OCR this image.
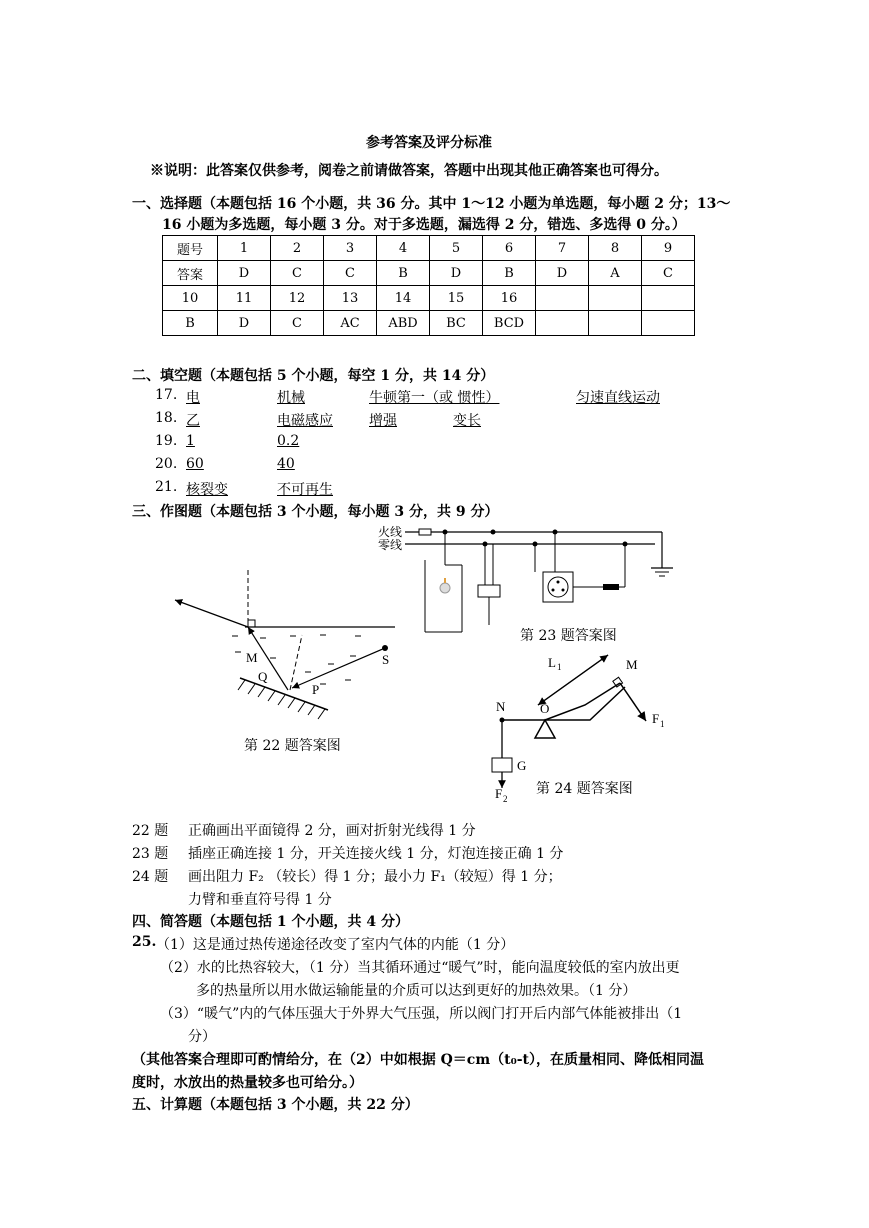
参考答案及评分标准
※说明：此答案仅供参考，阅卷之前请做答案，答题中出现其他正确答案也可得分。
一、选择题（本题包括 16 个小题，共 36 分。其中 1～12 小题为单选题，每小题 2 分；13～
16 小题为多选题，每小题 3 分。对于多选题，漏选得 2 分，错选、多选得 0 分。）
题号	1	2	3	4	5	6	7	8	9
答案	D	C	C	B	D	B	D	A	C
10	11	12	13	14	15	16			
B	D	C	AC	ABD	BC	BCD			
二、填空题（本题包括 5 个小题，每空 1 分，共 14 分）
17. 电	机械	牛顿第一（或 惯性）	匀速直线运动
18. 乙	电磁感应	增强	变长
19. 1	0.2
20. 60	40
21. 核裂变	不可再生
三、作图题（本题包括 3 个小题，每小题 3 分，共 9 分）
M
Q
P
S
第 22 题答案图
火线
零线
第 23 题答案图
L 1	M
N	O
F 1
G
F 2
第 24 题答案图
22 题 正确画出平面镜得 2 分，画对折射光线得 1 分
23 题 插座正确连接 1 分，开关连接火线 1 分，灯泡连接正确 1 分
24 题 画出阻力 F₂ （较长）得 1 分；最小力 F₁（较短）得 1 分；
力臂和垂直符号得 1 分
四、简答题（本题包括 1 个小题，共 4 分）
25. （1）这是通过热传递途径改变了室内气体的内能（1 分）
（2）水的比热容较大，（1 分）当其循环通过“暖气”时，能向温度较低的室内放出更
多的热量所以用水做运输能量的介质可以达到更好的加热效果。（1 分）
（3）“暖气”内的气体压强大于外界大气压强，所以阀门打开后内部气体能被排出（1
分）
（其他答案合理即可酌情给分，在（2）中如根据 Q＝cm（t₀-t），在质量相同、降低相同温
度时，水放出的热量较多也可给分。）
五、计算题（本题包括 3 个小题，共 22 分）
